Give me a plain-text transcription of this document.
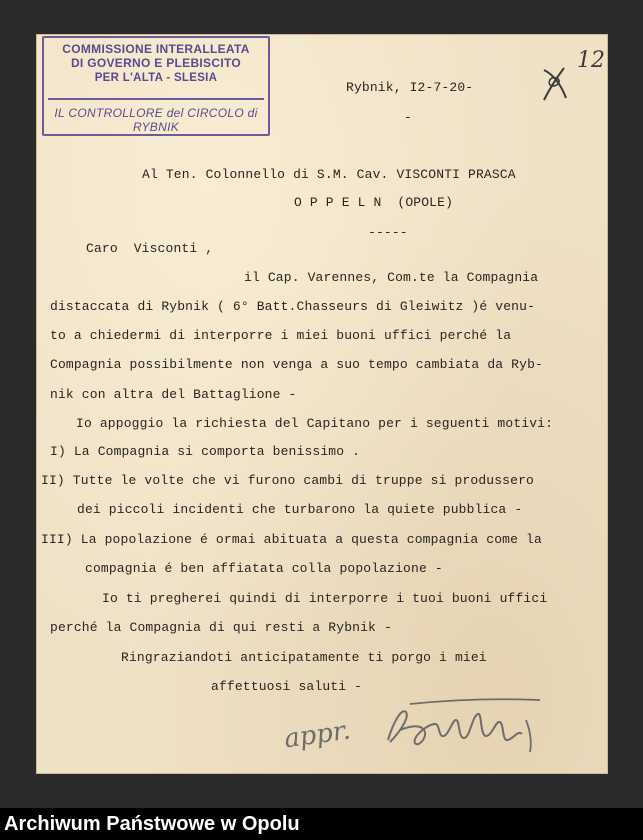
COMMISSIONE INTERALLEATA
DI GOVERNO E PLEBISCITO
PER L'ALTA - SLESIA
IL CONTROLLORE del CIRCOLO di RYBNIK
12
Rybnik, I2-7-20-
-
Al Ten. Colonnello di S.M. Cav. VISCONTI PRASCA
O P P E L N  (OPOLE)
-----
Caro  Visconti ,
il Cap. Varennes, Com.te la Compagnia
distaccata di Rybnik ( 6° Batt.Chasseurs di Gleiwitz )é venu-
to a chiedermi di interporre i miei buoni uffici perché la
Compagnia possibilmente non venga a suo tempo cambiata da Ryb-
nik con altra del Battaglione -
Io appoggio la richiesta del Capitano per i seguenti motivi:
I) La Compagnia si comporta benissimo .
II) Tutte le volte che vi furono cambi di truppe si produssero
dei piccoli incidenti che turbarono la quiete pubblica -
III) La popolazione é ormai abituata a questa compagnia come la
compagnia é ben affiatata colla popolazione -
Io ti pregherei quindi di interporre i tuoi buoni uffici
perché la Compagnia di qui resti a Rybnik -
Ringraziandoti anticipatamente ti porgo i miei
affettuosi saluti -
appr.
Archiwum Państwowe w Opolu
